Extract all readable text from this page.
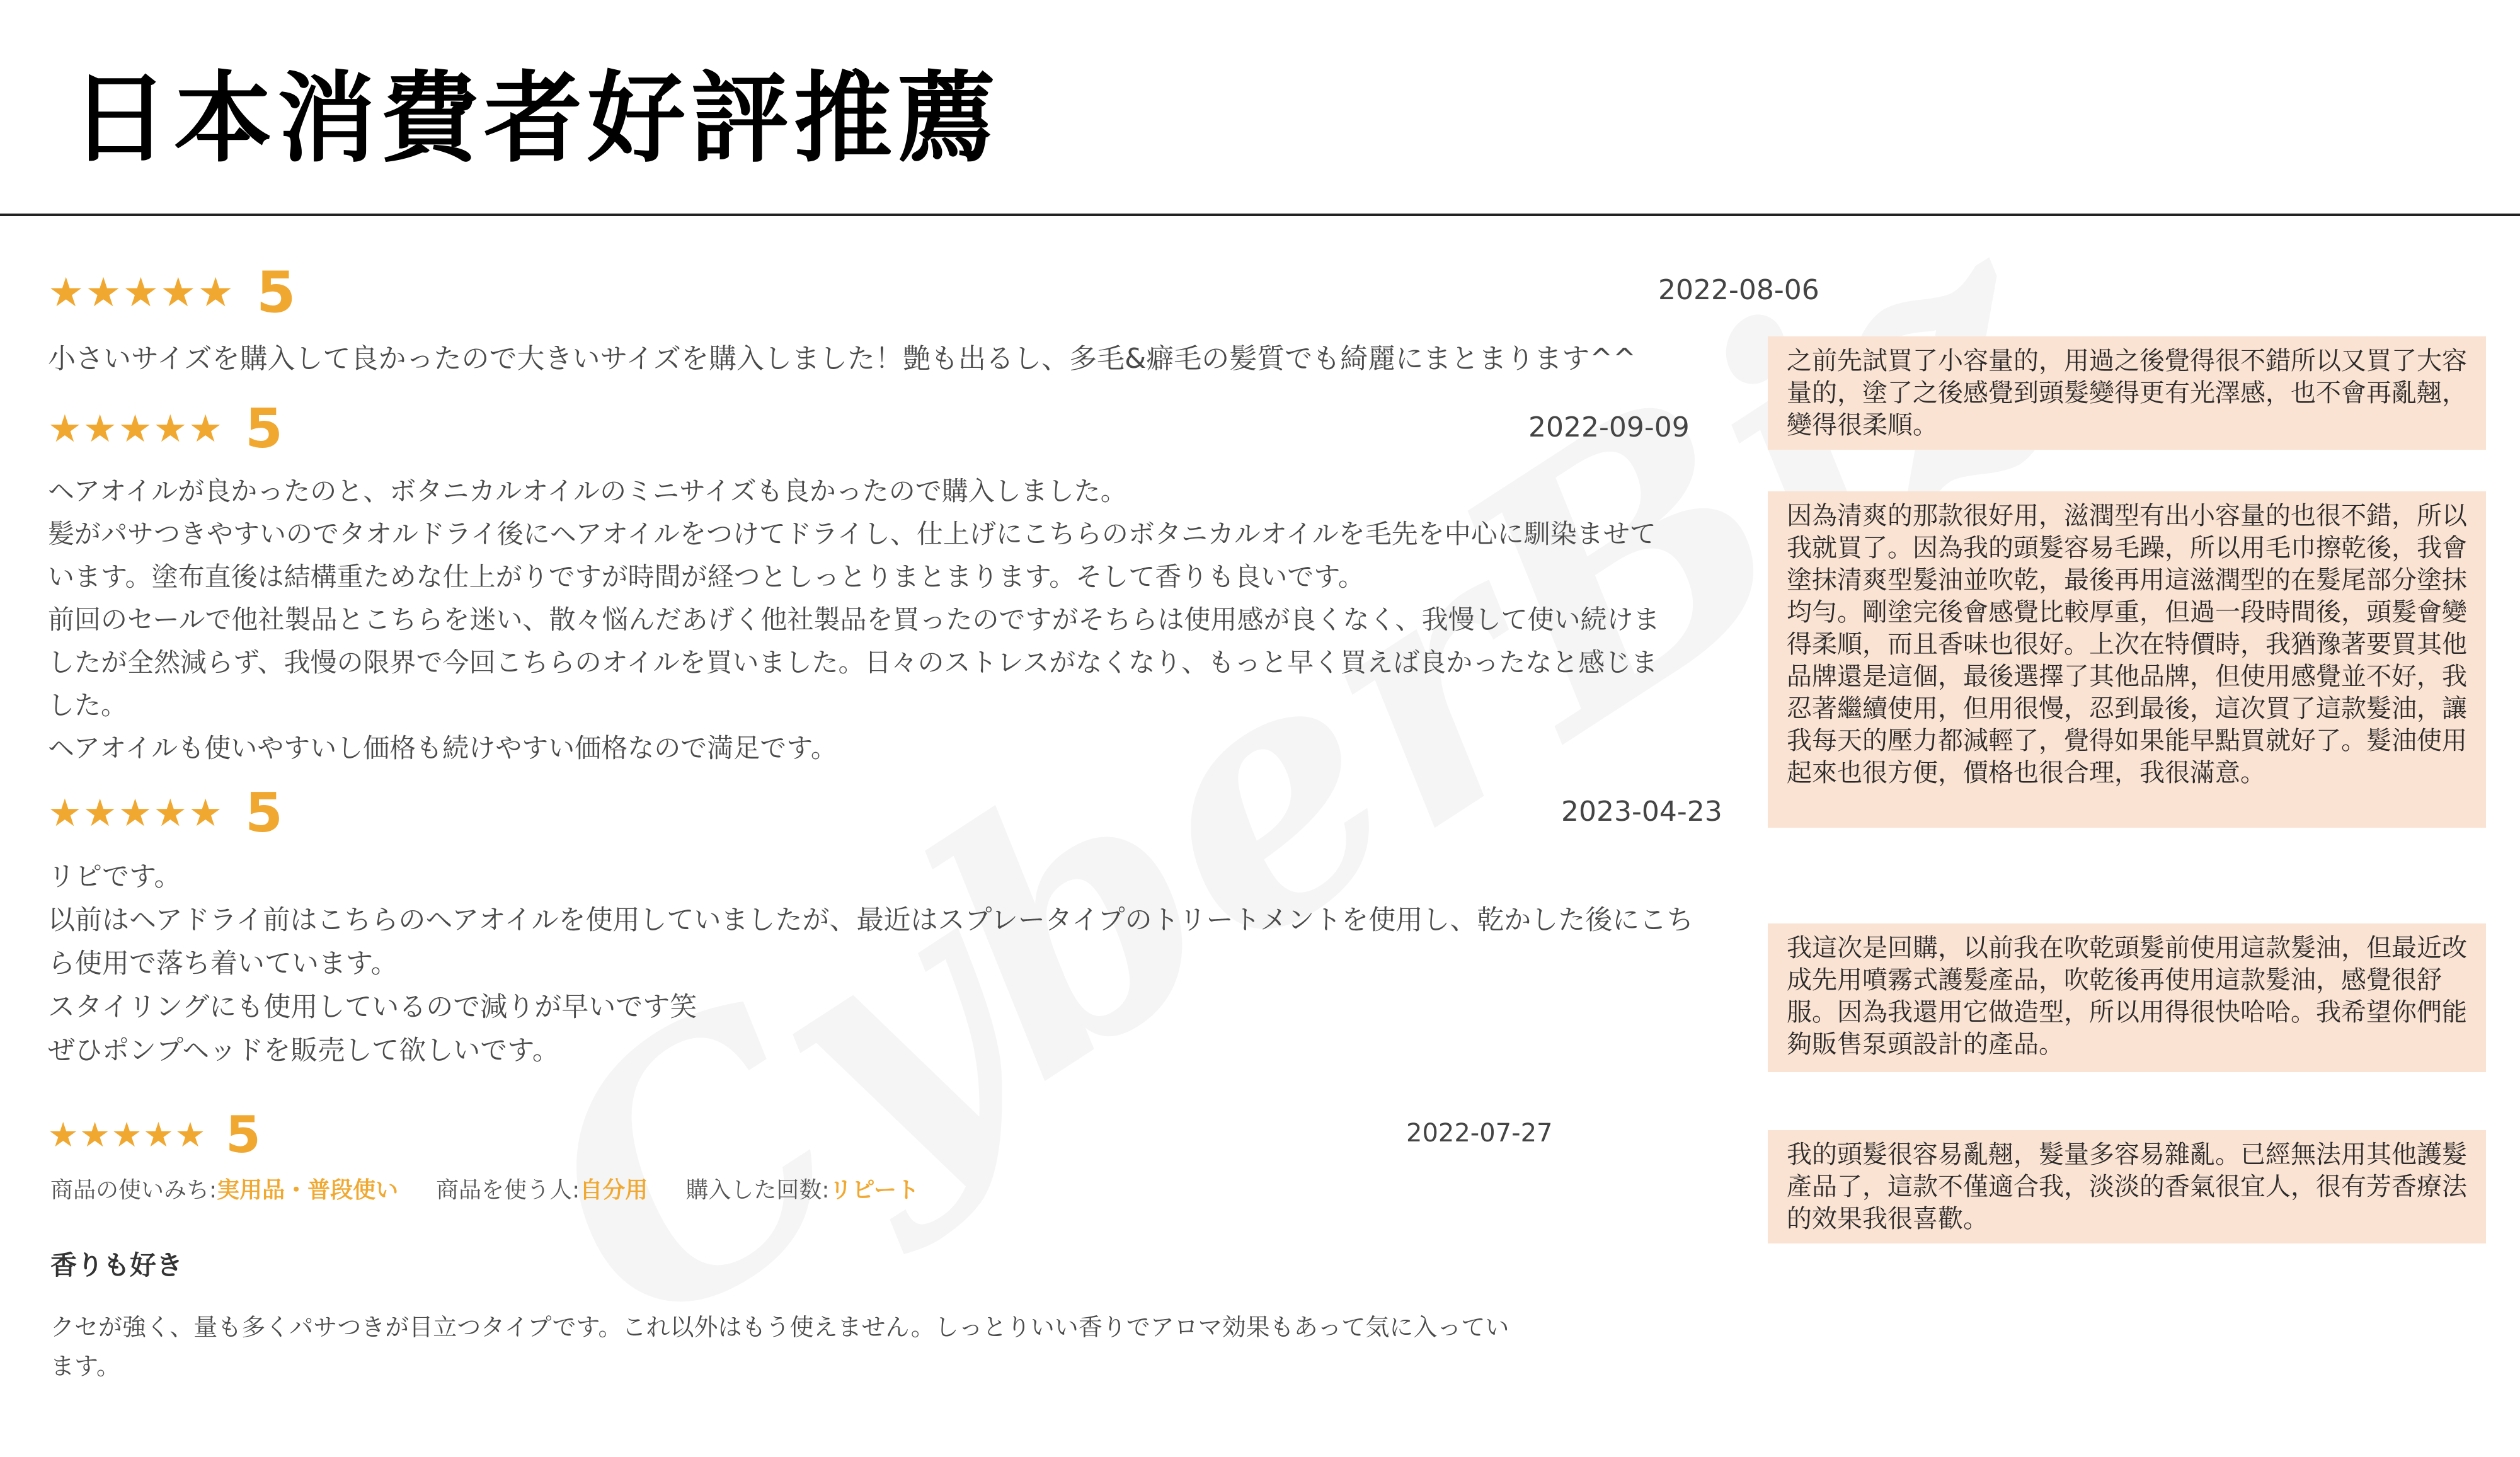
日本消費者好評推薦
★ ★ ★ ★ ★ 5	2022-08-06
小さいサイズを購入して良かったので大きいサイズを購入しました！艶も出るし、多毛&癖毛の髪質でも綺麗にまとまります^^	之前先試買了小容量的，用過之後覺得很不錯所以又買了大容量的，塗了之後感覺到頭髮變得更有光澤感，也不會再亂翹，變得很柔順。
★ ★ ★ ★ ★ 5	2022-09-09
ヘアオイルが良かったのと、ボタニカルオイルのミニサイズも良かったので購入しました。
髪がパサつきやすいのでタオルドライ後にヘアオイルをつけてドライし、仕上げにこちらのボタニカルオイルを毛先を中心に馴染ませて
います。塗布直後は結構重ためな仕上がりですが時間が経つとしっとりまとまります。そして香りも良いです。
前回のセールで他社製品とこちらを迷い、散々悩んだあげく他社製品を買ったのですがそちらは使用感が良くなく、我慢して使い続けま
したが全然減らず、我慢の限界で今回こちらのオイルを買いました。日々のストレスがなくなり、もっと早く買えば良かったなと感じま
した。
ヘアオイルも使いやすいし価格も続けやすい価格なので満足です。
因為清爽的那款很好用，滋潤型有出小容量的也很不錯，所以我就買了。因為我的頭髮容易毛躁，所以用毛巾擦乾後，我會塗抹清爽型髮油並吹乾，最後再用這滋潤型的在髮尾部分塗抹均勻。剛塗完後會感覺比較厚重，但過一段時間後，頭髮會變得柔順，而且香味也很好。上次在特價時，我猶豫著要買其他品牌還是這個，最後選擇了其他品牌，但使用感覺並不好，我忍著繼續使用，但用很慢，忍到最後，這次買了這款髮油，讓我每天的壓力都減輕了，覺得如果能早點買就好了。髮油使用起來也很方便，價格也很合理，我很滿意。
★ ★ ★ ★ ★ 5	2023-04-23
リピです。
以前はヘアドライ前はこちらのヘアオイルを使用していましたが、最近はスプレータイプのトリートメントを使用し、乾かした後にこち
ら使用で落ち着いています。
スタイリングにも使用しているので減りが早いです笑
ぜひポンプヘッドを販売して欲しいです。
我這次是回購，以前我在吹乾頭髮前使用這款髮油，但最近改成先用噴霧式護髮產品，吹乾後再使用這款髮油，感覺很舒服。因為我還用它做造型，所以用得很快哈哈。我希望你們能夠販售泵頭設計的產品。
★ ★ ★ ★ ★ 5	2022-07-27
商品の使いみち:実用品・普段使い 商品を使う人:自分用 購入した回数:リピート
香りも好き
クセが強く、量も多くパサつきが目立つタイプです。これ以外はもう使えません。しっとりいい香りでアロマ効果もあって気に入ってい
ます。
我的頭髮很容易亂翹，髮量多容易雜亂。已經無法用其他護髮產品了，這款不僅適合我，淡淡的香氣很宜人，很有芳香療法的效果我很喜歡。
